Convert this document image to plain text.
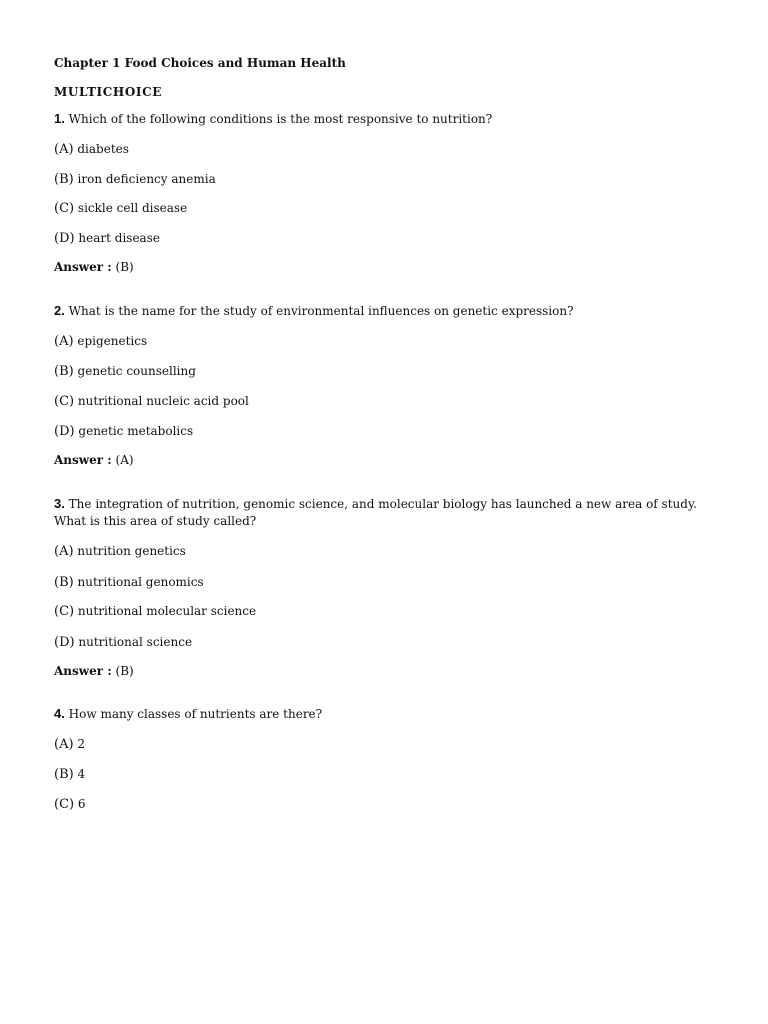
Chapter 1 Food Choices and Human Health

MULTICHOICE

1. Which of the following conditions is the most responsive to nutrition?

(A) diabetes

(B) iron deficiency anemia

(C) sickle cell disease

(D) heart disease

Answer : (B)

2. What is the name for the study of environmental influences on genetic expression?

(A) epigenetics

(B) genetic counselling

(C) nutritional nucleic acid pool

(D) genetic metabolics

Answer : (A)

3. The integration of nutrition, genomic science, and molecular biology has launched a new area of study.

What is this area of study called?

(A) nutrition genetics

(B) nutritional genomics

(C) nutritional molecular science

(D) nutritional science

Answer : (B)

4. How many classes of nutrients are there?

(A) 2

(B) 4

(C) 6
